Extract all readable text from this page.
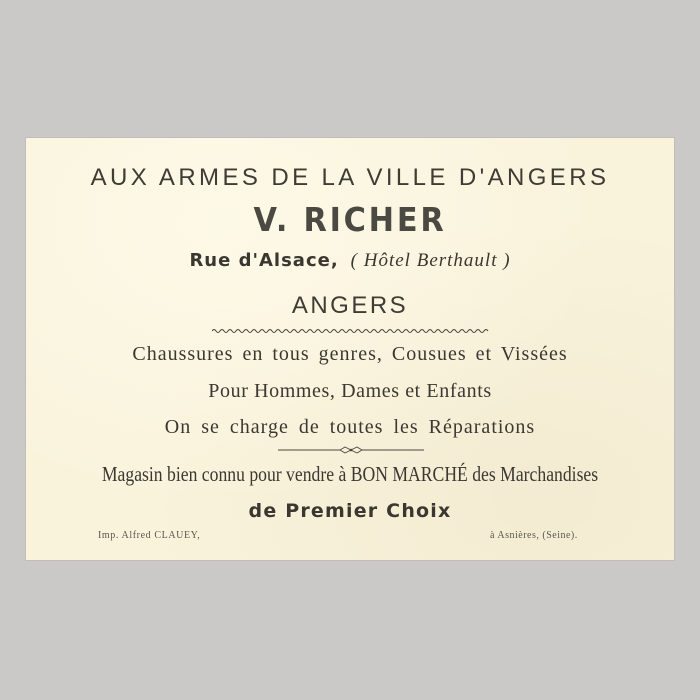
AUX ARMES DE LA VILLE D'ANGERS
V. RICHER
Rue d'Alsace, ( Hôtel Berthault )
ANGERS
Chaussures en tous genres, Cousues et Vissées
Pour Hommes, Dames et Enfants
On se charge de toutes les Réparations
Magasin bien connu pour vendre à BON MARCHÉ des Marchandises
de Premier Choix
Imp. Alfred CLAUEY,	à Asnières, (Seine).
